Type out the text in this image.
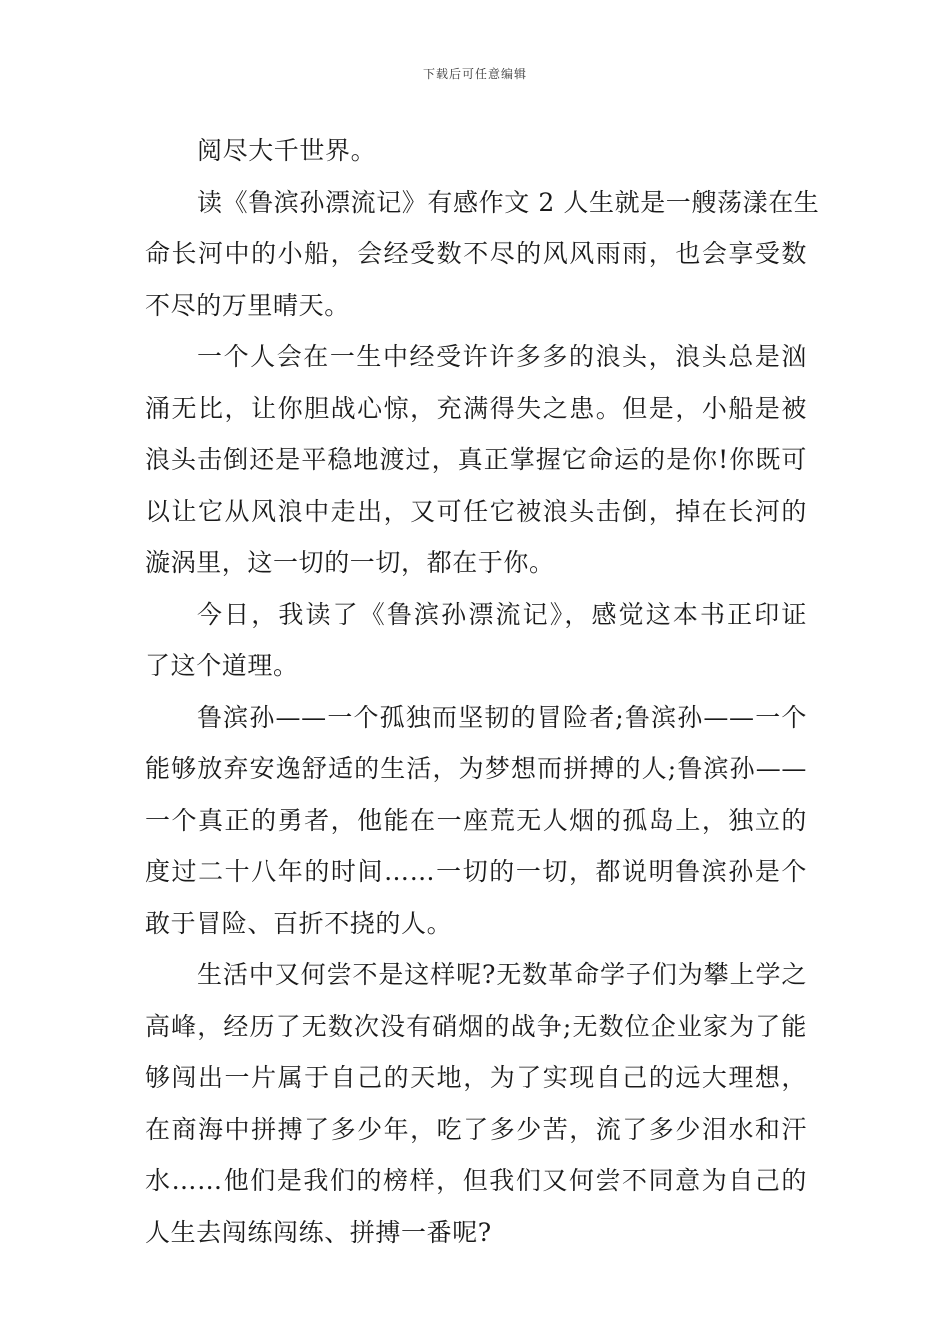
下载后可任意编辑
阅尽大千世界。
读《鲁滨孙漂流记》有感作文 2 人生就是一艘荡漾在生
命长河中的小船，会经受数不尽的风风雨雨，也会享受数
不尽的万里晴天。
一个人会在一生中经受许许多多的浪头，浪头总是汹
涌无比，让你胆战心惊，充满得失之患。但是，小船是被
浪头击倒还是平稳地渡过，真正掌握它命运的是你!你既可
以让它从风浪中走出，又可任它被浪头击倒，掉在长河的
漩涡里，这一切的一切，都在于你。
今日，我读了《鲁滨孙漂流记》，感觉这本书正印证
了这个道理。
鲁滨孙——一个孤独而坚韧的冒险者;鲁滨孙——一个
能够放弃安逸舒适的生活，为梦想而拼搏的人;鲁滨孙——
一个真正的勇者，他能在一座荒无人烟的孤岛上，独立的
度过二十八年的时间……一切的一切，都说明鲁滨孙是个
敢于冒险、百折不挠的人。
生活中又何尝不是这样呢?无数革命学子们为攀上学之
高峰，经历了无数次没有硝烟的战争;无数位企业家为了能
够闯出一片属于自己的天地，为了实现自己的远大理想，
在商海中拼搏了多少年，吃了多少苦，流了多少泪水和汗
水……他们是我们的榜样，但我们又何尝不同意为自己的
人生去闯练闯练、拼搏一番呢?
